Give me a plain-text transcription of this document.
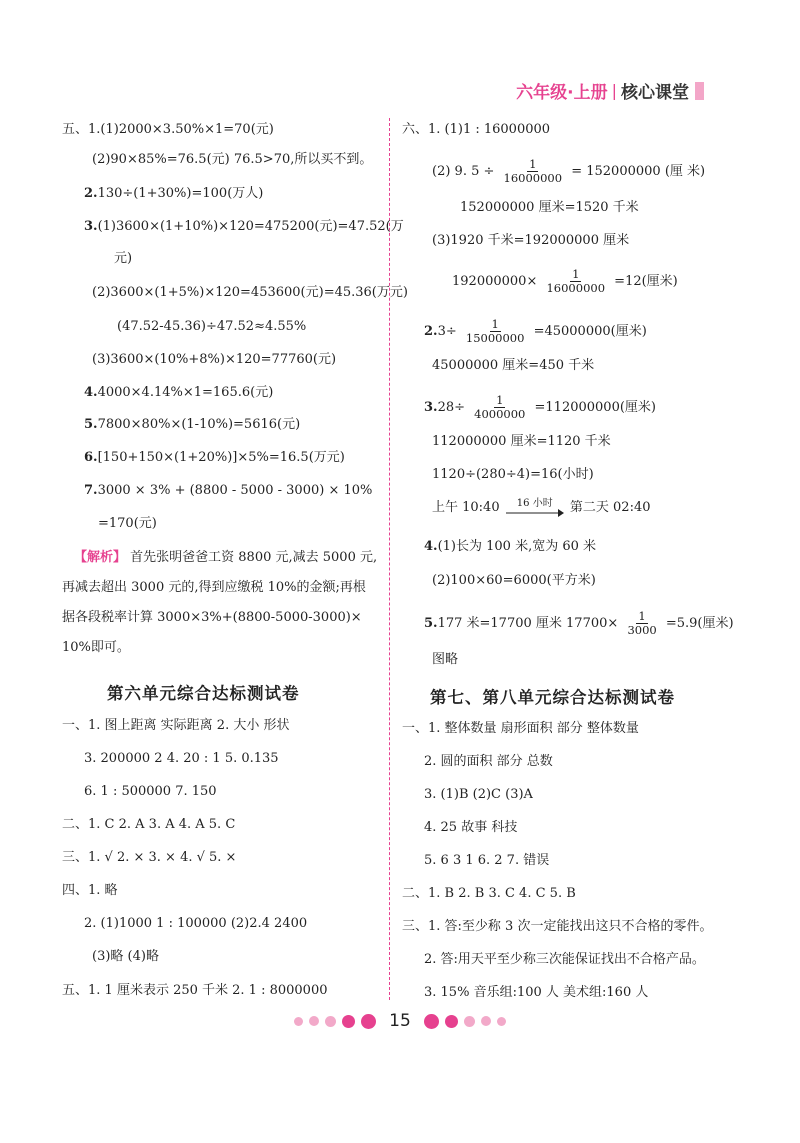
六年级·上册 | 核心课堂
五、1.(1)2000×3.50%×1=70(元)
(2)90×85%=76.5(元) 76.5>70,所以买不到。
2.130÷(1+30%)=100(万人)
3.(1)3600×(1+10%)×120=475200(元)=47.52(万
元)
(2)3600×(1+5%)×120=453600(元)=45.36(万元)
(47.52-45.36)÷47.52≈4.55%
(3)3600×(10%+8%)×120=77760(元)
4.4000×4.14%×1=165.6(元)
5.7800×80%×(1-10%)=5616(元)
6.[150+150×(1+20%)]×5%=16.5(万元)
7.3000 × 3% + (8800 - 5000 - 3000) × 10%
=170(元)
【解析】 首先张明爸爸工资 8800 元,减去 5000 元,
再减去超出 3000 元的,得到应缴税 10%的金额;再根
据各段税率计算 3000×3%+(8800-5000-3000)×
10%即可。
第六单元综合达标测试卷
一、1. 图上距离 实际距离 2. 大小 形状
3. 200000 2 4. 20 : 1 5. 0.135
6. 1 : 500000 7. 150
二、1. C 2. A 3. A 4. A 5. C
三、1. √ 2. × 3. × 4. √ 5. ×
四、1. 略
2. (1)1000 1 : 100000 (2)2.4 2400
(3)略 (4)略
五、1. 1 厘米表示 250 千米 2. 1 : 8000000
六、1. (1)1 : 16000000
(2) 9. $5 \div \frac{1}{16000000} = 152000000$ (厘 米)
152000000 厘米=1520 千米
(3)1920 千米=192000000 厘米
$192000000\times \frac{1}{16000000} =12$(厘米)
$2.3\div \frac{1}{15000000} =45000000$(厘米)
45000000 厘米=450 千米
$3.28\div \frac{1}{4000000} =112000000$(厘米)
112000000 厘米=1120 千米
1120÷(280÷4)=16(小时)
上午 10:40 16 小时 第二天 02:40
4.(1)长为 100 米,宽为 60 米
(2)100×60=6000(平方米)
5.177 米=17700 厘米 $17700\times \frac{1}{3000} =5.9$(厘米)
图略
第七、第八单元综合达标测试卷
一、1. 整体数量 扇形面积 部分 整体数量
2. 圆的面积 部分 总数
3. (1)B (2)C (3)A
4. 25 故事 科技
5. 6 3 1 6. 2 7. 错误
二、1. B 2. B 3. C 4. C 5. B
三、1. 答:至少称 3 次一定能找出这只不合格的零件。
2. 答:用天平至少称三次能保证找出不合格产品。
3. 15% 音乐组:100 人 美术组:160 人
15
